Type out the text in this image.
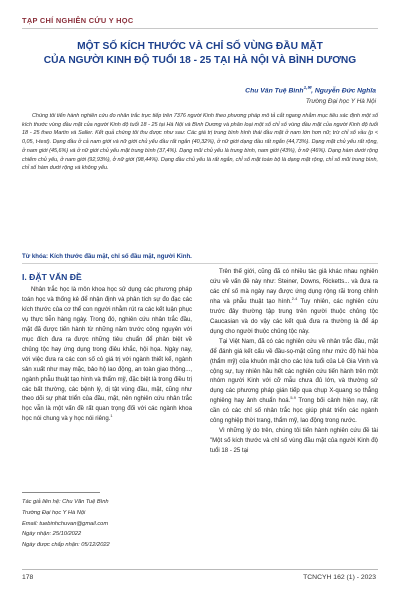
TẠP CHÍ NGHIÊN CỨU Y HỌC
MỘT SỐ KÍCH THƯỚC VÀ CHỈ SỐ VÙNG ĐẦU MẶT
CỦA NGƯỜI KINH ĐỘ TUỔI 18 - 25 TẠI HÀ NỘI VÀ BÌNH DƯƠNG
Chu Văn Tuệ Bình$^{1,✉}$, Nguyễn Đức Nghĩa
Trường Đại học Y Hà Nội
Chúng tôi tiến hành nghiên cứu đo nhân trắc trực tiếp trên 7376 người Kinh theo phương pháp mô tả cắt ngang nhằm mục tiêu xác định một số kích thước vùng đầu mặt của người Kinh độ tuổi 18 - 25 tại Hà Nội và Bình Dương và phân loại một số chỉ số vùng đầu mặt của người Kinh độ tuổi 18 - 25 theo Martin và Saller. Kết quả chúng tôi thu được như sau: Các giá trị trung bình hình thái đầu mặt ở nam lớn hơn nữ; trừ chỉ số vầu (p < 0,05, t-test). Dạng đầu ở cả nam giới và nữ giới chủ yếu đầu rất ngắn (40,32%), ở nữ giới dạng đầu rất ngắn (44,73%). Dạng mặt chủ yếu rất rộng, ở nam giới (45,6%) và ở nữ giới chủ yếu mặt trung bình (37,4%). Dạng mũi chủ yếu là trung bình, nam giới (43%), ở nữ (46%). Dạng hàm dưới rộng chiếm chủ yếu, ở nam giới (92,93%), ở nữ giới (98,44%). Dạng đầu chủ yếu là rất ngắn, chỉ số mặt toàn bộ là dạng mặt rộng, chỉ số mũi trung bình, chỉ số hàm dưới rộng và không yếu.
Từ khóa: Kích thước đầu mặt, chỉ số đầu mặt, người Kinh.
I. ĐẶT VẤN ĐỀ

Nhân trắc học là môn khoa học sử dụng các phương pháp toán học và thống kê để nhận định và phân tích sự đo đạc các kích thước của cơ thể con người nhằm rút ra các kết luận phục vụ thực tiễn hàng ngày. Trong đó, nghiên cứu nhân trắc đầu, mặt đã được tiến hành từ những năm trước công nguyên với mục đích đưa ra được những tiêu chuẩn để phân biệt về chủng tộc hay ứng dụng trong điêu khắc, hội họa. Ngày nay, với việc đưa ra các con số cỏ giá trị với ngành thiết kế, ngành sản xuất như may mặc, bảo hộ lao động, an toàn giao thông..., ngành phẫu thuật tạo hình và thẩm mỹ, đặc biệt là trong điều trị các bất thường, các bệnh lý, dị tật vùng đầu, mặt, cũng như theo dõi sự phát triển của đầu, mặt, nên nghiên cứu nhân trắc học vẫn là một vấn đề rất quan trọng đối với các ngành khoa học nói chung và y học nói riêng.$^1$

Trên thế giới, cũng đã có nhiều tác giả khác nhau nghiên cứu về vấn đề này như: Steiner, Downs, Ricketts... và đưa ra các chỉ số mà ngày nay được ứng dụng rộng rãi trong chỉnh nha và phẫu thuật tạo hình.$^{2-4}$ Tuy nhiên, các nghiên cứu trước đây thường tập trung trên người thuộc chủng tộc Caucasian và do vậy các kết quả đưa ra thường là để áp dụng cho người thuộc chủng tộc này.

Tại Việt Nam, đã có các nghiên cứu về nhân trắc đầu, mặt để đánh giá kết cấu về đầu-sọ-mặt cũng như mức độ hài hòa (thẩm mỹ) của khuôn mặt cho các lứa tuổi của Lê Gia Vinh và cộng sự, tuy nhiên hầu hết các nghiên cứu tiến hành trên một nhóm người Kinh với cỡ mẫu chưa đủ lớn, và thường sử dụng các phương pháp gián tiếp qua chụp X-quang sọ thẳng nghiêng hay ảnh chuẩn hoá.$^{5-9}$ Trong bối cảnh hiện nay, rất cần có các chỉ số nhân trắc học giúp phát triển các ngành công nghiệp thời trang, thẩm mỹ, lao động trong nước.

Vì những lý do trên, chúng tôi tiến hành nghiên cứu đề tài "Một số kích thước và chỉ số vùng đầu mặt của người Kinh độ tuổi 18 - 25 tại

Tác giả liên hệ: Chu Văn Tuệ Bình
Trường Đại học Y Hà Nội
Email: tuebinhchuvan@gmail.com
Ngày nhận: 25/10/2022
Ngày được chấp nhận: 05/12/2022
178	TCNCYH 162 (1) - 2023
